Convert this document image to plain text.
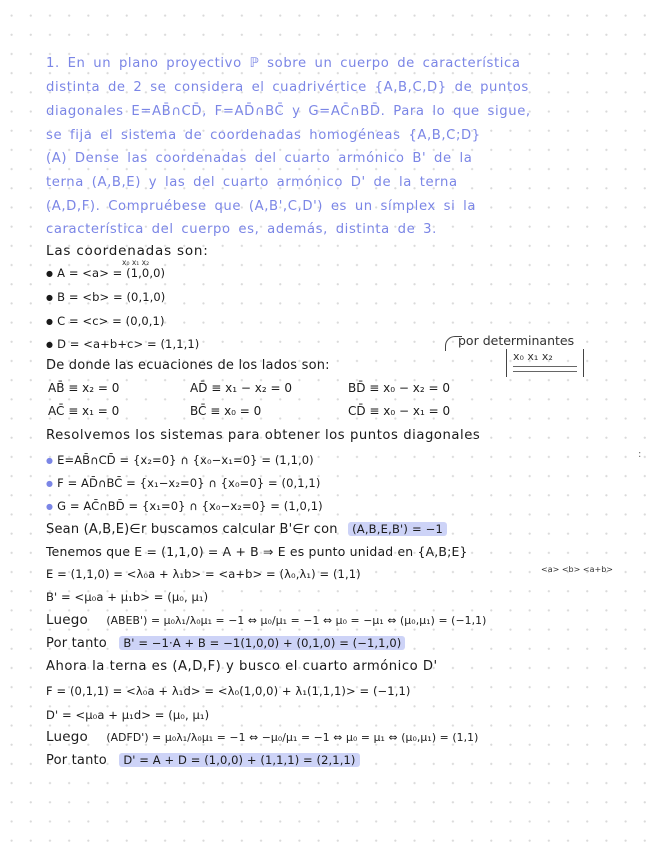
1. En un plano proyectivo ℙ sobre un cuerpo de característica
distinta de 2 se considera el cuadrivértice {A,B,C,D} de puntos
diagonales E=AB̄∩CD̄, F=AD̄∩BC̄ y G=AC̄∩BD̄. Para lo que sigue,
se fija el sistema de coordenadas homogéneas {A,B,C;D}
(A) Dense las coordenadas del cuarto armónico B' de la
terna (A,B,E) y las del cuarto armónico D' de la terna
(A,D,F). Compruébese que (A,B',C,D') es un símplex si la
característica del cuerpo es, además, distinta de 3.
Las coordenadas son:
x₀ x₁ x₂
● A = <a> = (1,0,0)
● B = <b> = (0,1,0)
● C = <c> = (0,0,1)
● D = <a+b+c> = (1,1,1)	por determinantes
x₀ x₁ x₂
De donde las ecuaciones de los lados son:
AB̄ ≡ x₂ = 0	AD̄ ≡ x₁ − x₂ = 0	BD̄ ≡ x₀ − x₂ = 0
AC̄ ≡ x₁ = 0	BC̄ ≡ x₀ = 0	CD̄ ≡ x₀ − x₁ = 0
Resolvemos los sistemas para obtener los puntos diagonales
:
● E=AB̄∩CD̄ = {x₂=0} ∩ {x₀−x₁=0} = (1,1,0)
● F = AD̄∩BC̄ = {x₁−x₂=0} ∩ {x₀=0} = (0,1,1)
● G = AC̄∩BD̄ = {x₁=0} ∩ {x₀−x₂=0} = (1,0,1)
Sean (A,B,E)∈r buscamos calcular B'∈r con (A,B,E,B') = −1
Tenemos que E = (1,1,0) = A + B ⇒ E es punto unidad en {A,B;E}
<a> <b> <a+b>
E = (1,1,0) = <λ₀a + λ₁b> = <a+b> = (λ₀,λ₁) = (1,1)
B' = <μ₀a + μ₁b> = (μ₀, μ₁)
Luego (ABEB') = μ₀λ₁/λ₀μ₁ = −1 ⇔ μ₀/μ₁ = −1 ⇔ μ₀ = −μ₁ ⇔ (μ₀,μ₁) = (−1,1)
Por tanto B' = −1·A + B = −1(1,0,0) + (0,1,0) = (−1,1,0)
Ahora la terna es (A,D,F) y busco el cuarto armónico D'
F = (0,1,1) = <λ₀a + λ₁d> = <λ₀(1,0,0) + λ₁(1,1,1)> = (−1,1)
D' = <μ₀a + μ₁d> = (μ₀, μ₁)
Luego (ADFD') = μ₀λ₁/λ₀μ₁ = −1 ⇔ −μ₀/μ₁ = −1 ⇔ μ₀ = μ₁ ⇔ (μ₀,μ₁) = (1,1)
Por tanto D' = A + D = (1,0,0) + (1,1,1) = (2,1,1)
